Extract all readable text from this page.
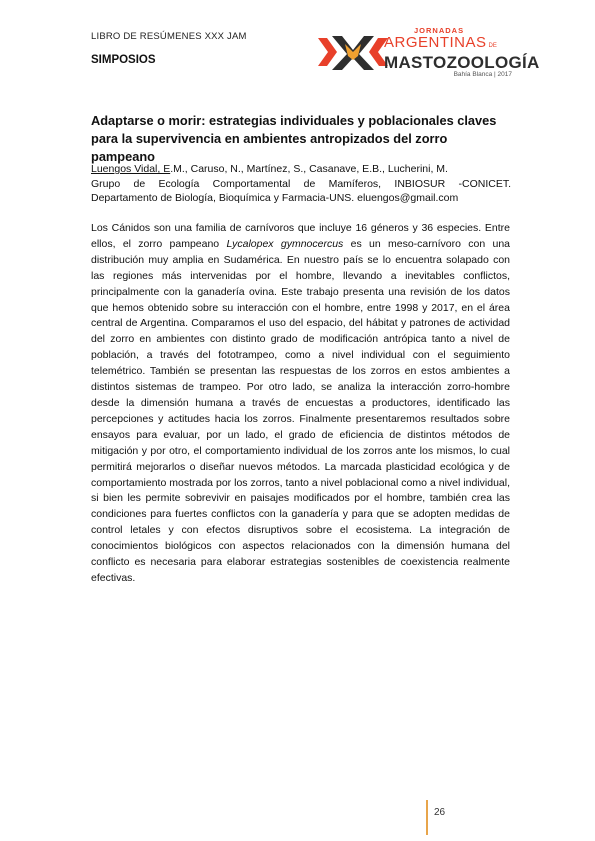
LIBRO DE RESÚMENES XXX JAM
SIMPOSIOS
JORNADAS
ARGENTINAS DE
MASTOZOOLOGÍA
Bahía Blanca | 2017
Adaptarse o morir: estrategias individuales y poblacionales claves para la supervivencia en ambientes antropizados del zorro pampeano
Luengos Vidal, E.M., Caruso, N., Martínez, S., Casanave, E.B., Lucherini, M.
Grupo de Ecología Comportamental de Mamíferos, INBIOSUR -CONICET.
Departamento de Biología, Bioquímica y Farmacia-UNS. eluengos@gmail.com
Los Cánidos son una familia de carnívoros que incluye 16 géneros y 36 especies. Entre ellos, el zorro pampeano Lycalopex gymnocercus es un meso-carnívoro con una distribución muy amplia en Sudamérica. En nuestro país se lo encuentra solapado con las regiones más intervenidas por el hombre, llevando a inevitables conflictos, principalmente con la ganadería ovina. Este trabajo presenta una revisión de los datos que hemos obtenido sobre su interacción con el hombre, entre 1998 y 2017, en el área central de Argentina. Comparamos el uso del espacio, del hábitat y patrones de actividad del zorro en ambientes con distinto grado de modificación antrópica tanto a nivel de población, a través del fototrampeo, como a nivel individual con el seguimiento telemétrico. También se presentan las respuestas de los zorros en estos ambientes a distintos sistemas de trampeo. Por otro lado, se analiza la interacción zorro-hombre desde la dimensión humana a través de encuestas a productores, identificado las percepciones y actitudes hacia los zorros. Finalmente presentaremos resultados sobre ensayos para evaluar, por un lado, el grado de eficiencia de distintos métodos de mitigación y por otro, el comportamiento individual de los zorros ante los mismos, lo cual permitirá mejorarlos o diseñar nuevos métodos. La marcada plasticidad ecológica y de comportamiento mostrada por los zorros, tanto a nivel poblacional como a nivel individual, si bien les permite sobrevivir en paisajes modificados por el hombre, también crea las condiciones para fuertes conflictos con la ganadería y para que se adopten medidas de control letales y con efectos disruptivos sobre el ecosistema. La integración de conocimientos biológicos con aspectos relacionados con la dimensión humana del conflicto es necesaria para elaborar estrategias sostenibles de coexistencia realmente efectivas.
26
